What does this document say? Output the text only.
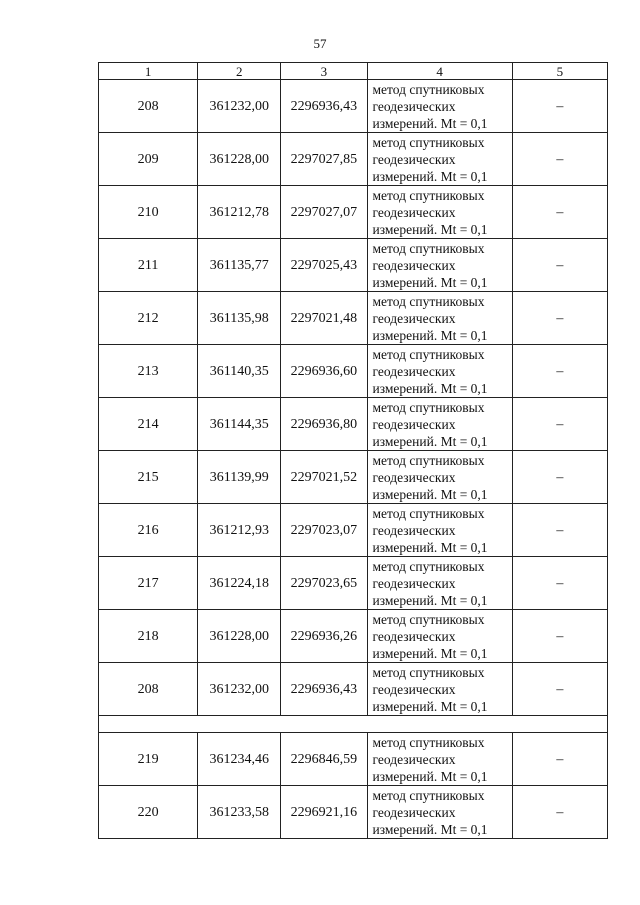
57
1	2	3	4	5
208	361232,00	2296936,43	метод спутниковых
геодезических
измерений. Mt = 0,1	–
209	361228,00	2297027,85	метод спутниковых
геодезических
измерений. Mt = 0,1	–
210	361212,78	2297027,07	метод спутниковых
геодезических
измерений. Mt = 0,1	–
211	361135,77	2297025,43	метод спутниковых
геодезических
измерений. Mt = 0,1	–
212	361135,98	2297021,48	метод спутниковых
геодезических
измерений. Mt = 0,1	–
213	361140,35	2296936,60	метод спутниковых
геодезических
измерений. Mt = 0,1	–
214	361144,35	2296936,80	метод спутниковых
геодезических
измерений. Mt = 0,1	–
215	361139,99	2297021,52	метод спутниковых
геодезических
измерений. Mt = 0,1	–
216	361212,93	2297023,07	метод спутниковых
геодезических
измерений. Mt = 0,1	–
217	361224,18	2297023,65	метод спутниковых
геодезических
измерений. Mt = 0,1	–
218	361228,00	2296936,26	метод спутниковых
геодезических
измерений. Mt = 0,1	–
208	361232,00	2296936,43	метод спутниковых
геодезических
измерений. Mt = 0,1	–

219	361234,46	2296846,59	метод спутниковых
геодезических
измерений. Mt = 0,1	–
220	361233,58	2296921,16	метод спутниковых
геодезических
измерений. Mt = 0,1	–
